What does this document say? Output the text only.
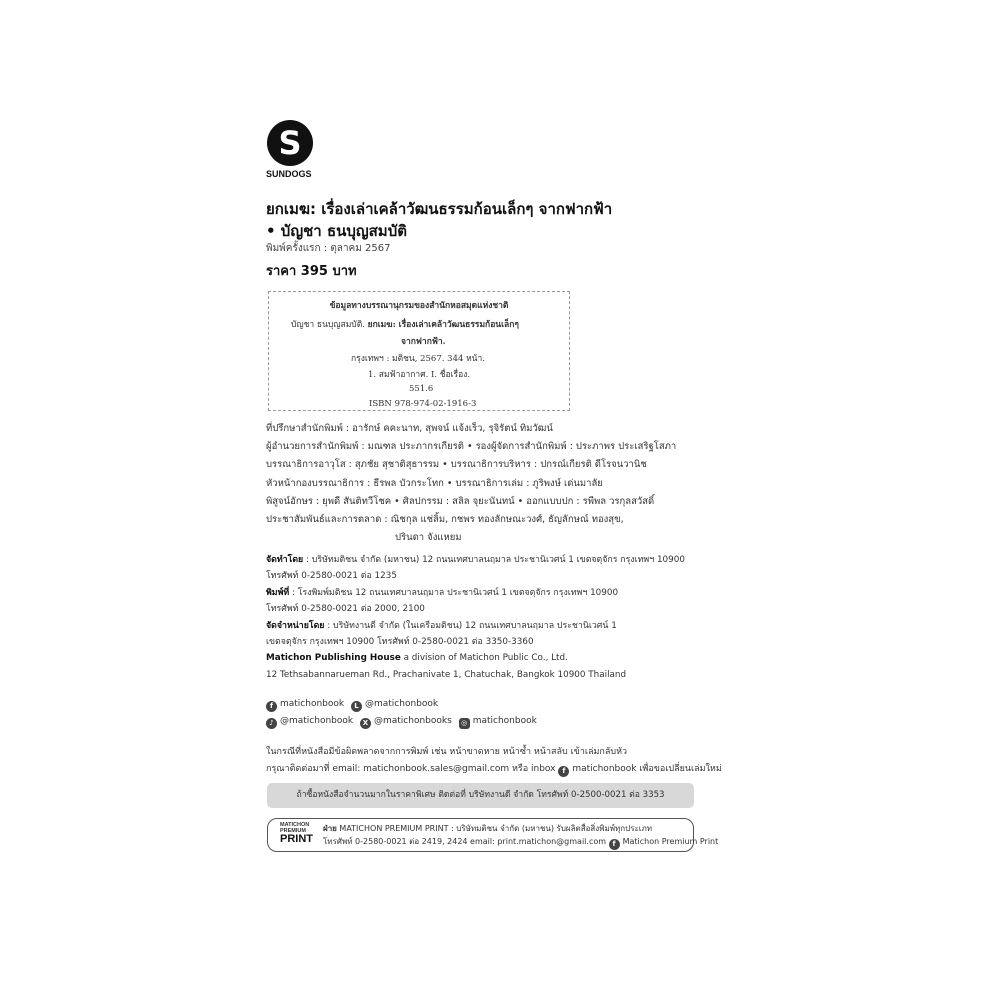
S
SUNDOGS
ยกเมฆ: เรื่องเล่าเคล้าวัฒนธรรมก้อนเล็กๆ จากฟากฟ้า
• บัญชา ธนบุญสมบัติ
พิมพ์ครั้งแรก : ตุลาคม 2567
ราคา 395 บาท
ข้อมูลทางบรรณานุกรมของสำนักหอสมุดแห่งชาติ
บัญชา ธนบุญสมบัติ. ยกเมฆ: เรื่องเล่าเคล้าวัฒนธรรมก้อนเล็กๆ
จากฟากฟ้า.
กรุงเทพฯ : มติชน, 2567. 344 หน้า.
1. สมฟ้าอากาศ. I. ชื่อเรื่อง.
551.6
ISBN 978-974-02-1916-3
ที่ปรึกษาสำนักพิมพ์ : อารักษ์ คคะนาท, สุพจน์ แจ้งเร็ว, รุจิรัตน์ ทิมวัฒน์
ผู้อำนวยการสำนักพิมพ์ : มณฑล ประภากรเกียรติ • รองผู้จัดการสำนักพิมพ์ : ประภาพร ประเสริฐโสภา
บรรณาธิการอาวุโส : สุภชัย สุชาติสุธารรม • บรรณาธิการบริหาร : ปกรณ์เกียรติ ดีโรจนวานิช
หัวหน้ากองบรรณาธิการ : ธีรพล บัวกระโทก • บรรณาธิการเล่ม : ภูริพงษ์ เด่นมาลัย
พิสูจน์อักษร : ยุพดี สันติทวีโชค • ศิลปกรรม : สลิล จุยะนันทน์ • ออกแบบปก : รพีพล วรกุลสวัสดิ์
ประชาสัมพันธ์และการตลาด : ณิชกุล แช่ลิ้ม, กชพร ทองลักษณะวงศ์, ธัญลักษณ์ ทองสุข,
ปรินดา จังแหยม
จัดทำโดย : บริษัทมติชน จำกัด (มหาชน) 12 ถนนเทศบาลนฤมาล ประชานิเวศน์ 1 เขตจตุจักร กรุงเทพฯ 10900
โทรศัพท์ 0-2580-0021 ต่อ 1235
พิมพ์ที่ : โรงพิมพ์มติชน 12 ถนนเทศบาลนฤมาล ประชานิเวศน์ 1 เขตจตุจักร กรุงเทพฯ 10900
โทรศัพท์ 0-2580-0021 ต่อ 2000, 2100
จัดจำหน่ายโดย : บริษัทงานดี จำกัด (ในเครือมติชน) 12 ถนนเทศบาลนฤมาล ประชานิเวศน์ 1
เขตจตุจักร กรุงเทพฯ 10900 โทรศัพท์ 0-2580-0021 ต่อ 3350-3360
Matichon Publishing House a division of Matichon Public Co., Ltd.
12 Tethsabannarueman Rd., Prachanivate 1, Chatuchak, Bangkok 10900 Thailand
f matichonbook L @matichonbook
♪ @matichonbook X @matichonbooks ◎ matichonbook
ในกรณีที่หนังสือมีข้อผิดพลาดจากการพิมพ์ เช่น หน้าขาดหาย หน้าซ้ำ หน้าสลับ เข้าเล่มกลับหัว
กรุณาติดต่อมาที่ email: matichonbook.sales@gmail.com หรือ inbox f matichonbook เพื่อขอเปลี่ยนเล่มใหม่
ถ้าซื้อหนังสือจำนวนมากในราคาพิเศษ ติดต่อที่ บริษัทงานดี จำกัด โทรศัพท์ 0-2500-0021 ต่อ 3353
MATICHON
PREMIUM
PRINT
ฝ่าย MATICHON PREMIUM PRINT : บริษัทมติชน จำกัด (มหาชน) รับผลิตสื่อสิ่งพิมพ์ทุกประเภท
โทรศัพท์ 0-2580-0021 ต่อ 2419, 2424 email: print.matichon@gmail.com f Matichon Premium Print
